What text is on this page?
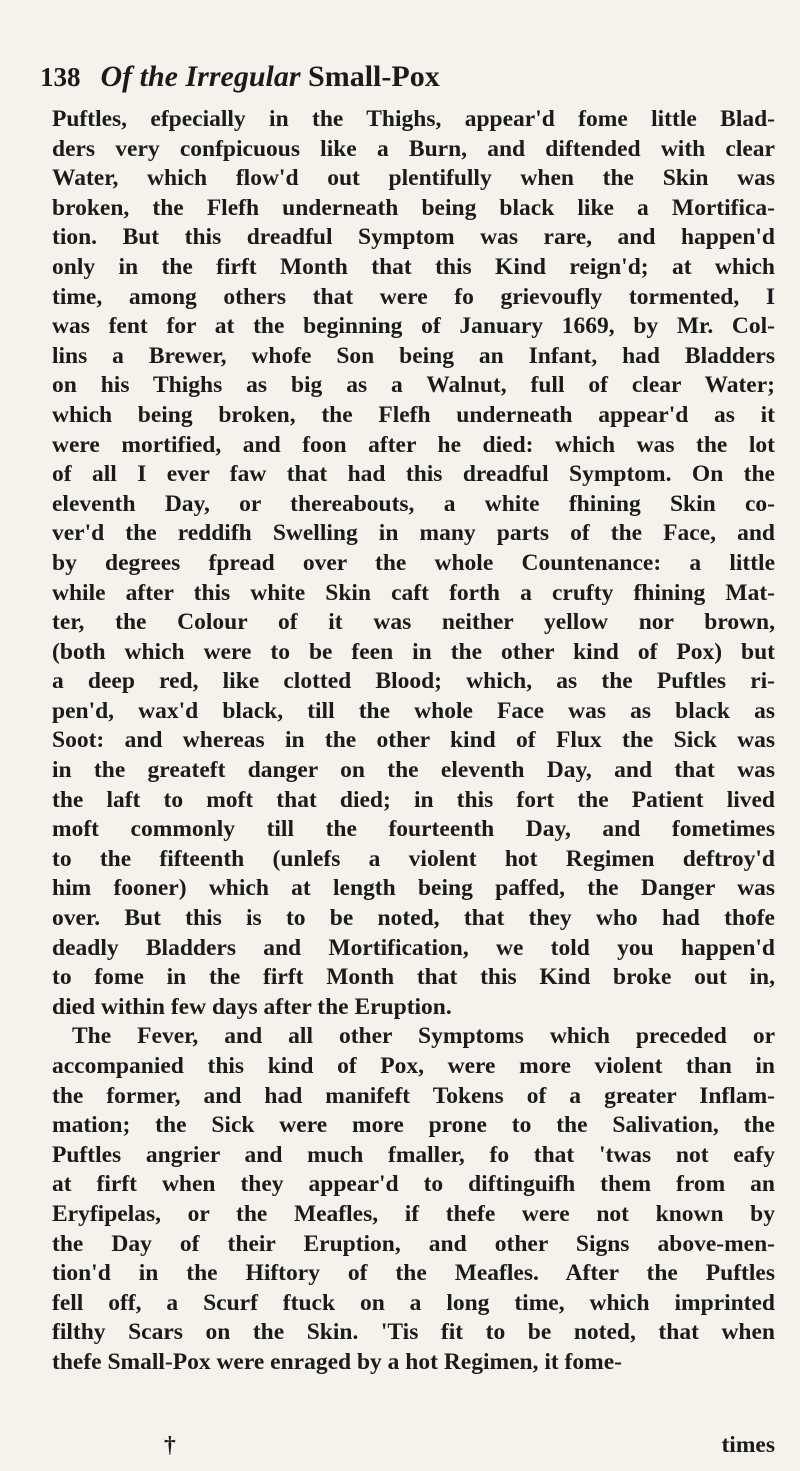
138 Of the Irregular Small-Pox
Puftles, efpecially in the Thighs, appear'd fome little Blad-
ders very confpicuous like a Burn, and diftended with clear
Water, which flow'd out plentifully when the Skin was
broken, the Flefh underneath being black like a Mortifica-
tion. But this dreadful Symptom was rare, and happen'd
only in the firft Month that this Kind reign'd; at which
time, among others that were fo grievoufly tormented, I
was fent for at the beginning of January 1669, by Mr. Col-
lins a Brewer, whofe Son being an Infant, had Bladders
on his Thighs as big as a Walnut, full of clear Water;
which being broken, the Flefh underneath appear'd as it
were mortified, and foon after he died: which was the lot
of all I ever faw that had this dreadful Symptom. On the
eleventh Day, or thereabouts, a white fhining Skin co-
ver'd the reddifh Swelling in many parts of the Face, and
by degrees fpread over the whole Countenance: a little
while after this white Skin caft forth a crufty fhining Mat-
ter, the Colour of it was neither yellow nor brown,
(both which were to be feen in the other kind of Pox) but
a deep red, like clotted Blood; which, as the Puftles ri-
pen'd, wax'd black, till the whole Face was as black as
Soot: and whereas in the other kind of Flux the Sick was
in the greateft danger on the eleventh Day, and that was
the laft to moft that died; in this fort the Patient lived
moft commonly till the fourteenth Day, and fometimes
to the fifteenth (unlefs a violent hot Regimen deftroy'd
him fooner) which at length being paffed, the Danger was
over. But this is to be noted, that they who had thofe
deadly Bladders and Mortification, we told you happen'd
to fome in the firft Month that this Kind broke out in,
died within few days after the Eruption.
The Fever, and all other Symptoms which preceded or
accompanied this kind of Pox, were more violent than in
the former, and had manifeft Tokens of a greater Inflam-
mation; the Sick were more prone to the Salivation, the
Puftles angrier and much fmaller, fo that 'twas not eafy
at firft when they appear'd to diftinguifh them from an
Eryfipelas, or the Meafles, if thefe were not known by
the Day of their Eruption, and other Signs above-men-
tion'd in the Hiftory of the Meafles. After the Puftles
fell off, a Scurf ftuck on a long time, which imprinted
filthy Scars on the Skin. 'Tis fit to be noted, that when
thefe Small-Pox were enraged by a hot Regimen, it fome-
†	times
